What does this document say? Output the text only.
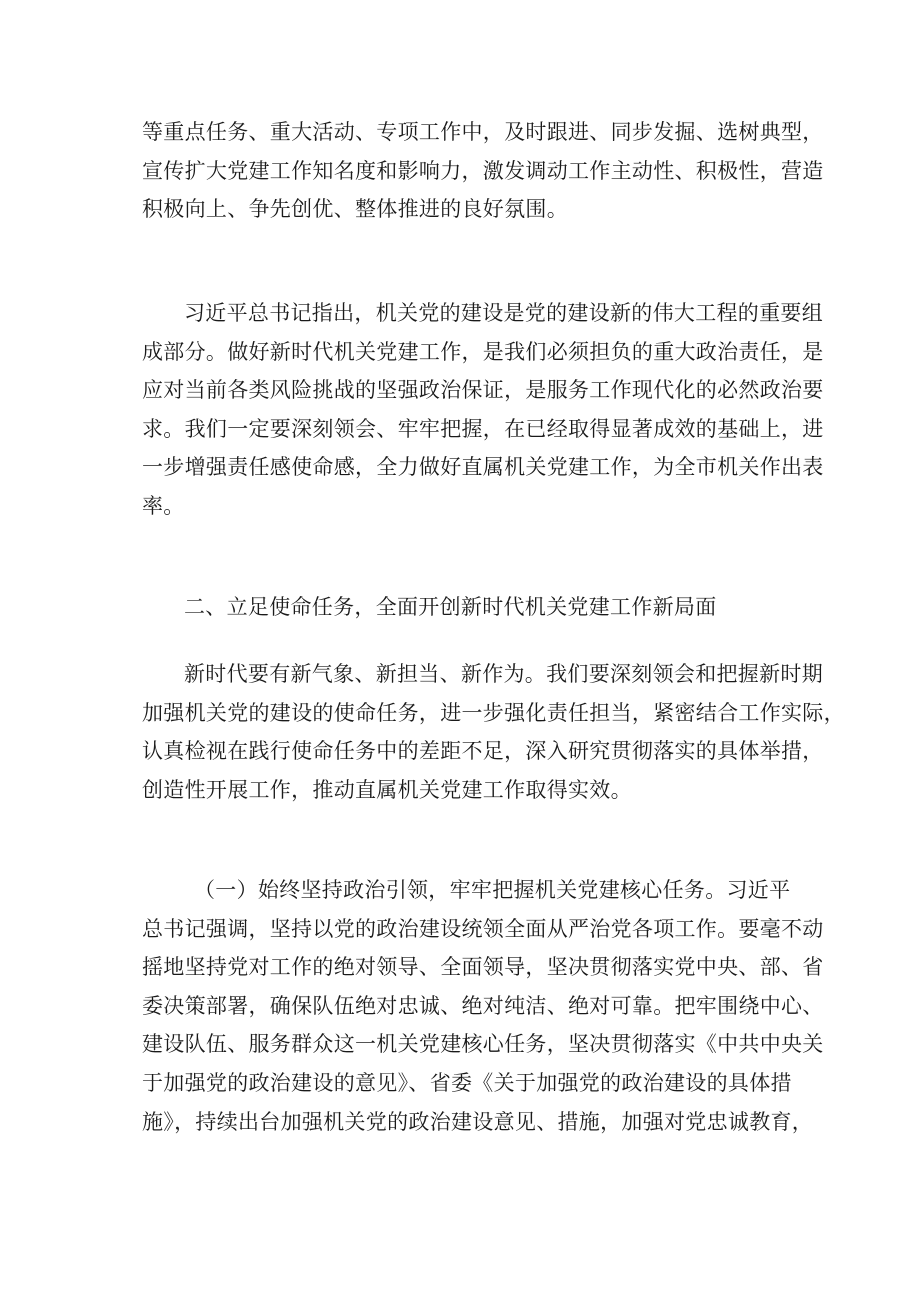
等重点任务、重大活动、专项工作中，及时跟进、同步发掘、选树典型，
宣传扩大党建工作知名度和影响力，激发调动工作主动性、积极性，营造
积极向上、争先创优、整体推进的良好氛围。
习近平总书记指出，机关党的建设是党的建设新的伟大工程的重要组
成部分。做好新时代机关党建工作，是我们必须担负的重大政治责任，是
应对当前各类风险挑战的坚强政治保证，是服务工作现代化的必然政治要
求。我们一定要深刻领会、牢牢把握，在已经取得显著成效的基础上，进
一步增强责任感使命感，全力做好直属机关党建工作，为全市机关作出表
率。
二、立足使命任务，全面开创新时代机关党建工作新局面
新时代要有新气象、新担当、新作为。我们要深刻领会和把握新时期
加强机关党的建设的使命任务，进一步强化责任担当，紧密结合工作实际，
认真检视在践行使命任务中的差距不足，深入研究贯彻落实的具体举措，
创造性开展工作，推动直属机关党建工作取得实效。
（一）始终坚持政治引领，牢牢把握机关党建核心任务。习近平
总书记强调，坚持以党的政治建设统领全面从严治党各项工作。要毫不动
摇地坚持党对工作的绝对领导、全面领导，坚决贯彻落实党中央、部、省
委决策部署，确保队伍绝对忠诚、绝对纯洁、绝对可靠。把牢围绕中心、
建设队伍、服务群众这一机关党建核心任务，坚决贯彻落实《中共中央关
于加强党的政治建设的意见》、省委《关于加强党的政治建设的具体措
施》，持续出台加强机关党的政治建设意见、措施，加强对党忠诚教育，
